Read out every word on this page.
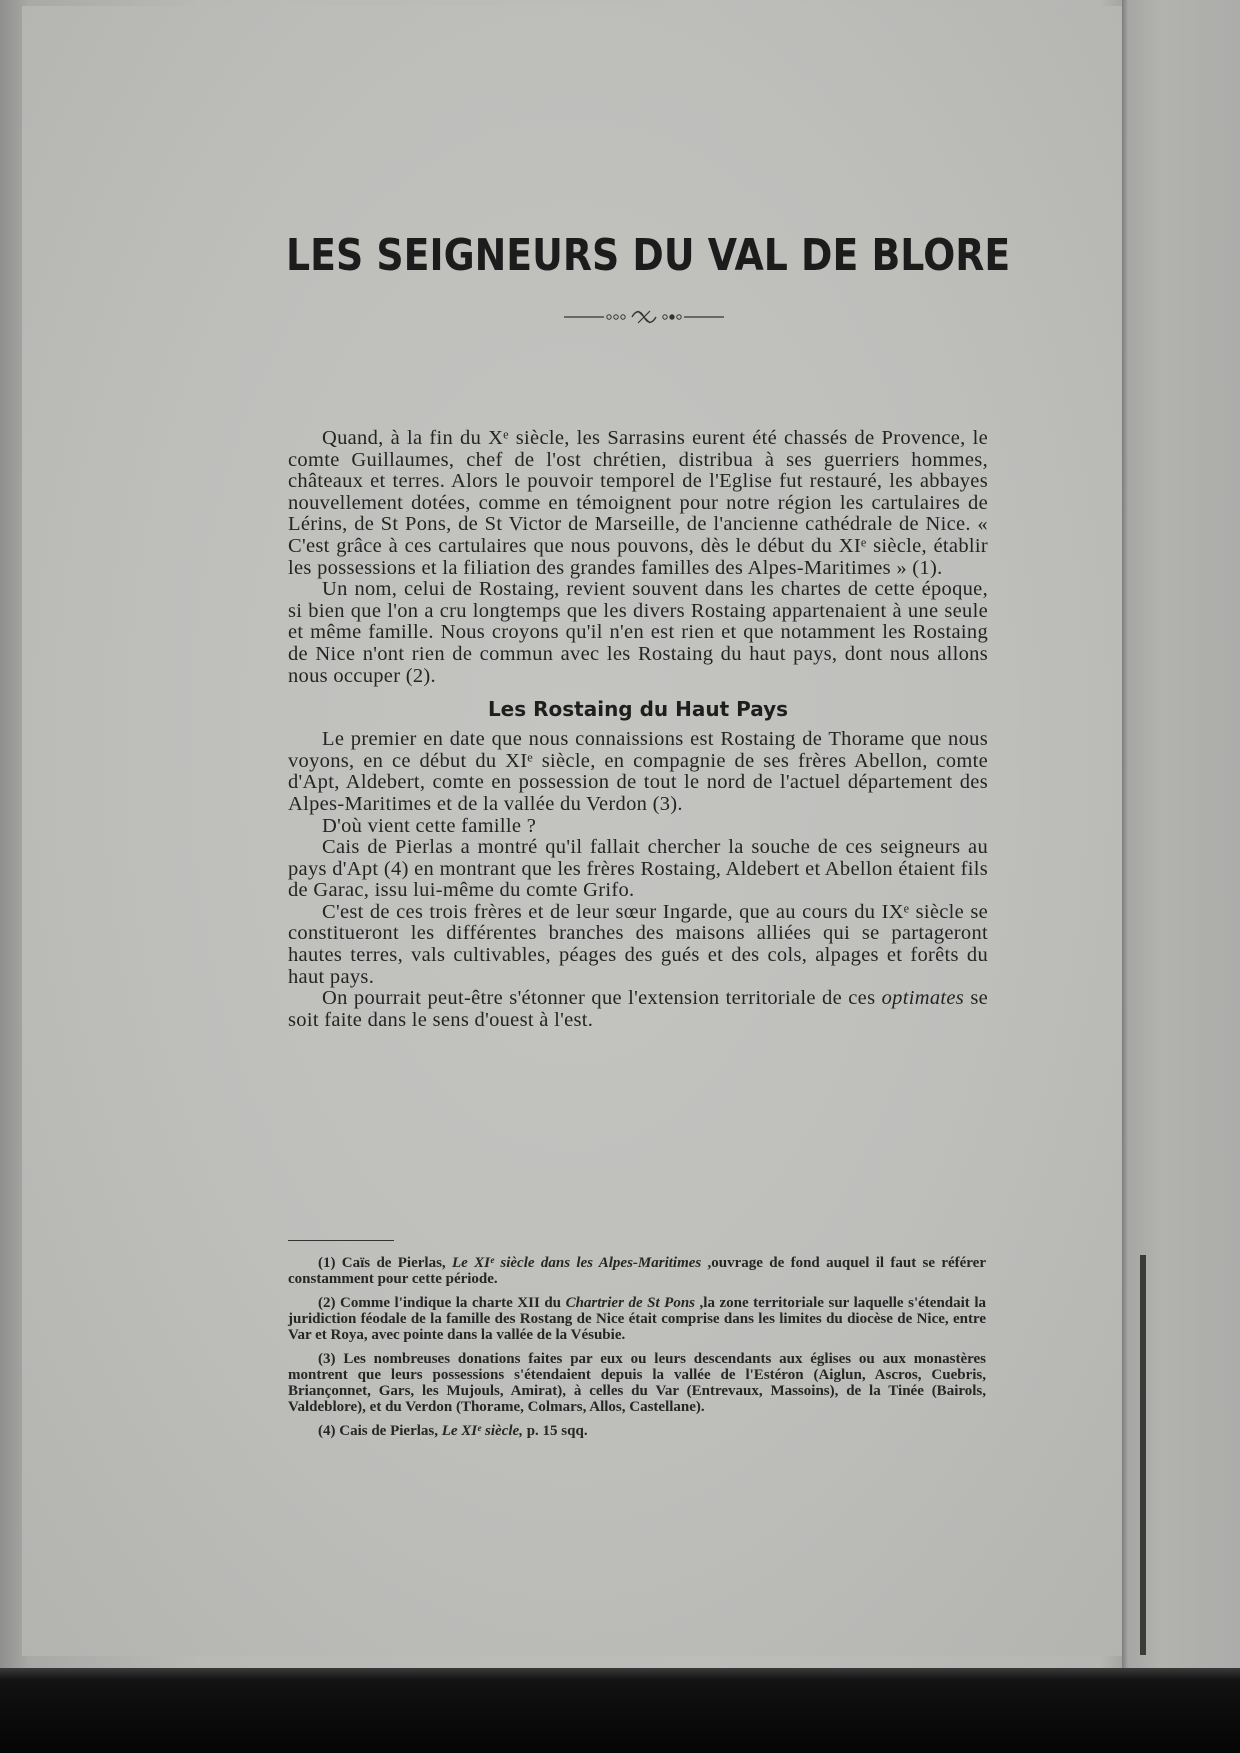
LES SEIGNEURS DU VAL DE BLORE

Quand, à la fin du Xᵉ siècle, les Sarrasins eurent été chassés de Provence, le comte Guillaumes, chef de l'ost chrétien, distribua à ses guerriers hommes, châteaux et terres. Alors le pouvoir temporel de l'Eglise fut restauré, les abbayes nouvellement dotées, comme en témoignent pour notre région les cartulaires de Lérins, de St Pons, de St Victor de Marseille, de l'ancienne cathédrale de Nice. « C'est grâce à ces cartulaires que nous pouvons, dès le début du XIᵉ siècle, établir les possessions et la filiation des grandes familles des Alpes-Maritimes » (1).

Un nom, celui de Rostaing, revient souvent dans les chartes de cette époque, si bien que l'on a cru longtemps que les divers Rostaing appartenaient à une seule et même famille. Nous croyons qu'il n'en est rien et que notamment les Rostaing de Nice n'ont rien de commun avec les Rostaing du haut pays, dont nous allons nous occuper (2).

Les Rostaing du Haut Pays

Le premier en date que nous connaissions est Rostaing de Thorame que nous voyons, en ce début du XIᵉ siècle, en compagnie de ses frères Abellon, comte d'Apt, Aldebert, comte en possession de tout le nord de l'actuel département des Alpes-Maritimes et de la vallée du Verdon (3).

D'où vient cette famille ?

Cais de Pierlas a montré qu'il fallait chercher la souche de ces seigneurs au pays d'Apt (4) en montrant que les frères Rostaing, Aldebert et Abellon étaient fils de Garac, issu lui-même du comte Grifo.

C'est de ces trois frères et de leur sœur Ingarde, que au cours du IXᵉ siècle se constitueront les différentes branches des maisons alliées qui se partageront hautes terres, vals cultivables, péages des gués et des cols, alpages et forêts du haut pays.

On pourrait peut-être s'étonner que l'extension territoriale de ces optimates se soit faite dans le sens d'ouest à l'est.

(1) Caïs de Pierlas, Le XIᵉ siècle dans les Alpes-Maritimes ,ouvrage de fond auquel il faut se référer constamment pour cette période.

(2) Comme l'indique la charte XII du Chartrier de St Pons ,la zone territoriale sur laquelle s'étendait la juridiction féodale de la famille des Rostang de Nice était comprise dans les limites du diocèse de Nice, entre Var et Roya, avec pointe dans la vallée de la Vésubie.

(3) Les nombreuses donations faites par eux ou leurs descendants aux églises ou aux monastères montrent que leurs possessions s'étendaient depuis la vallée de l'Estéron (Aiglun, Ascros, Cuebris, Briançonnet, Gars, les Mujouls, Amirat), à celles du Var (Entrevaux, Massoins), de la Tinée (Bairols, Valdeblore), et du Verdon (Thorame, Colmars, Allos, Castellane).

(4) Cais de Pierlas, Le XIᵉ siècle, p. 15 sqq.
